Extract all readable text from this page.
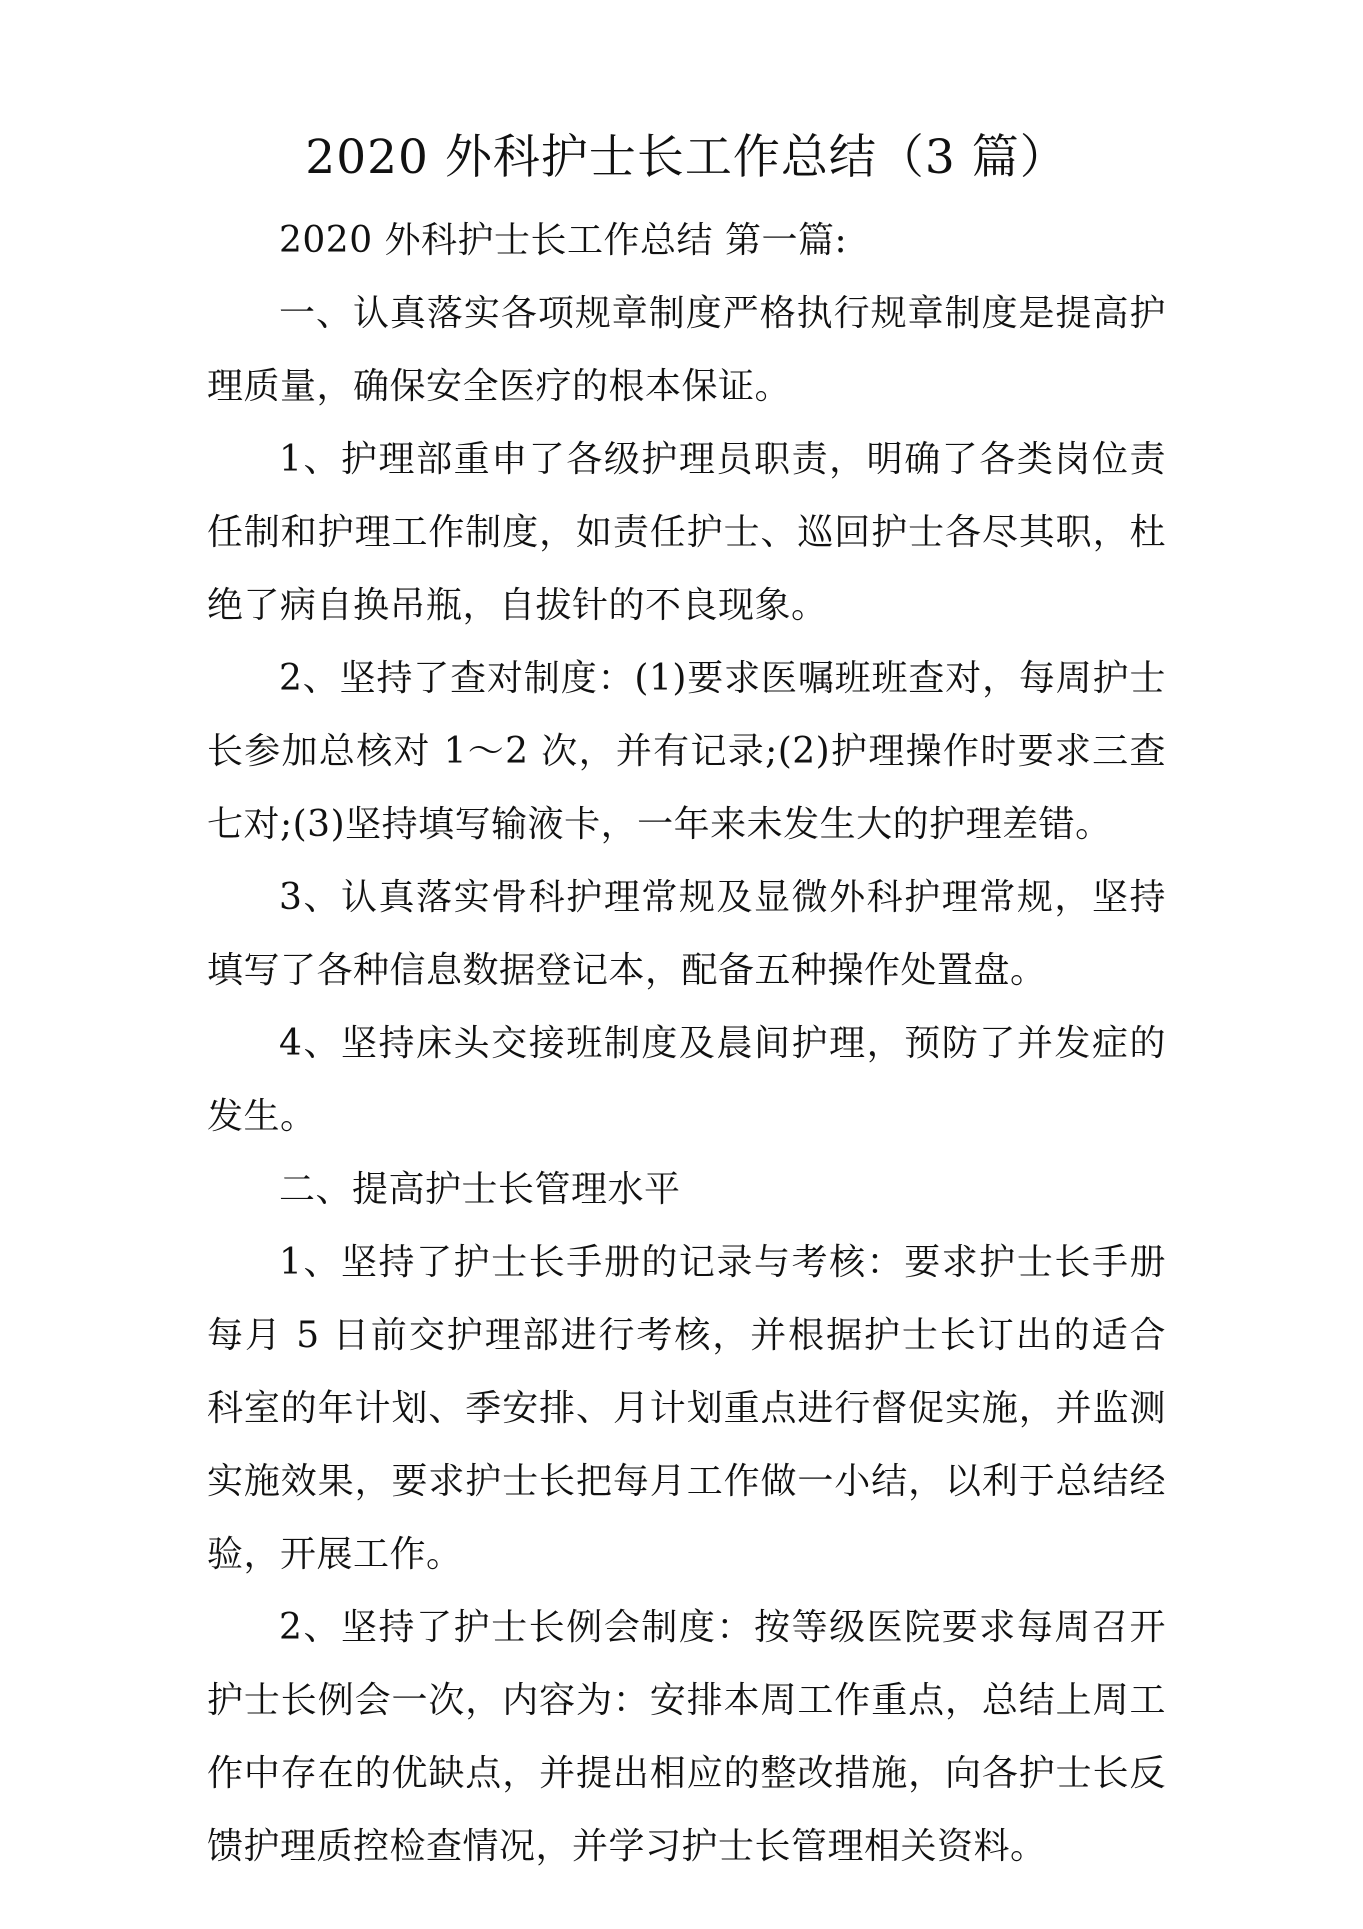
2020 外科护士长工作总结（3 篇）

2020 外科护士长工作总结 第一篇:

一、认真落实各项规章制度严格执行规章制度是提高护理质量，确保安全医疗的根本保证。

1、护理部重申了各级护理员职责，明确了各类岗位责任制和护理工作制度，如责任护士、巡回护士各尽其职，杜绝了病自换吊瓶，自拔针的不良现象。

2、坚持了查对制度：(1)要求医嘱班班查对，每周护士长参加总核对 1～2 次，并有记录;(2)护理操作时要求三查七对;(3)坚持填写输液卡，一年来未发生大的护理差错。

3、认真落实骨科护理常规及显微外科护理常规，坚持填写了各种信息数据登记本，配备五种操作处置盘。

4、坚持床头交接班制度及晨间护理，预防了并发症的发生。

二、提高护士长管理水平

1、坚持了护士长手册的记录与考核：要求护士长手册每月 5 日前交护理部进行考核，并根据护士长订出的适合科室的年计划、季安排、月计划重点进行督促实施，并监测实施效果，要求护士长把每月工作做一小结，以利于总结经验，开展工作。

2、坚持了护士长例会制度：按等级医院要求每周召开护士长例会一次，内容为：安排本周工作重点，总结上周工作中存在的优缺点，并提出相应的整改措施，向各护士长反馈护理质控检查情况，并学习护士长管理相关资料。
